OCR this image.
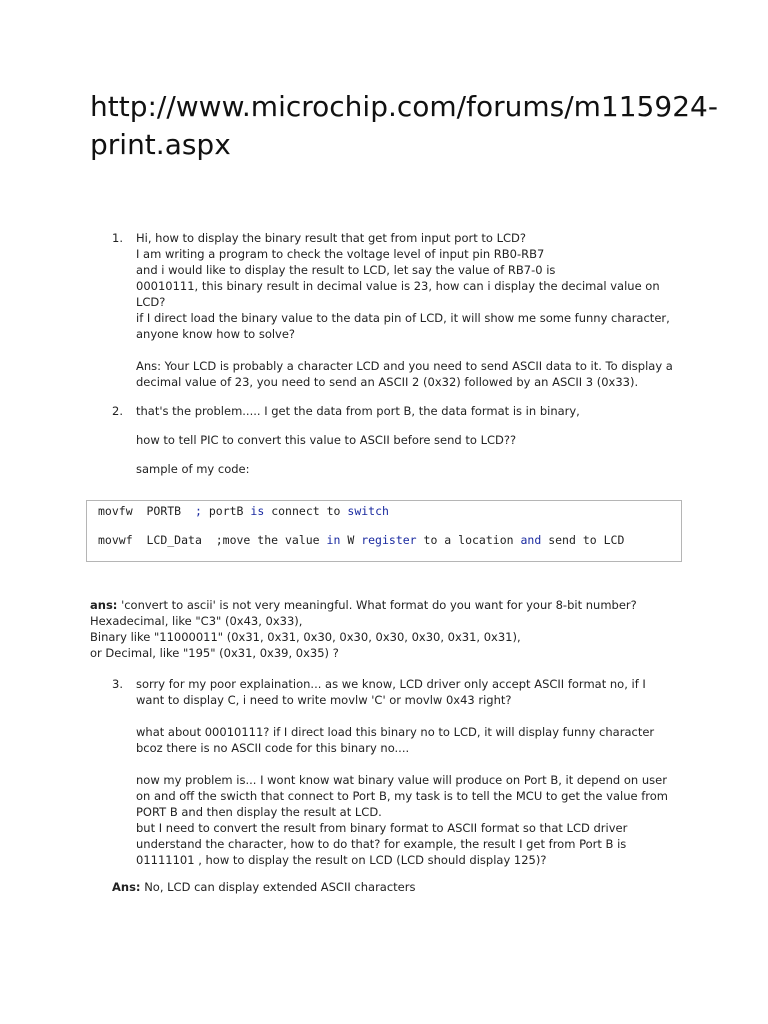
http://www.microchip.com/forums/m115924-print.aspx
1.	Hi, how to display the binary result that get from input port to LCD?

I am writing a program to check the voltage level of input pin RB0-RB7

and i would like to display the result to LCD, let say the value of RB7-0 is

00010111, this binary result in decimal value is 23, how can i display the decimal value on

LCD?

if I direct load the binary value to the data pin of LCD, it will show me some funny character,

anyone know how to solve?

Ans: Your LCD is probably a character LCD and you need to send ASCII data to it. To display a

decimal value of 23, you need to send an ASCII 2 (0x32) followed by an ASCII 3 (0x33).

2.	that's the problem..... I get the data from port B, the data format is in binary,

how to tell PIC to convert this value to ASCII before send to LCD??

sample of my code:

movfw PORTB ; portB is connect to switch
movwf LCD_Data ;move the value in W register to a location and send to LCD

ans: 'convert to ascii' is not very meaningful. What format do you want for your 8-bit number?

Hexadecimal, like "C3" (0x43, 0x33),

Binary like "11000011" (0x31, 0x31, 0x30, 0x30, 0x30, 0x30, 0x31, 0x31),

or Decimal, like "195" (0x31, 0x39, 0x35) ?

3.	sorry for my poor explaination... as we know, LCD driver only accept ASCII format no, if I

want to display C, i need to write movlw 'C' or movlw 0x43 right?

what about 00010111? if I direct load this binary no to LCD, it will display funny character

bcoz there is no ASCII code for this binary no....

now my problem is... I wont know wat binary value will produce on Port B, it depend on user

on and off the swicth that connect to Port B, my task is to tell the MCU to get the value from

PORT B and then display the result at LCD.

but I need to convert the result from binary format to ASCII format so that LCD driver

understand the character, how to do that? for example, the result I get from Port B is

01111101 , how to display the result on LCD (LCD should display 125)?

Ans: No, LCD can display extended ASCII characters
